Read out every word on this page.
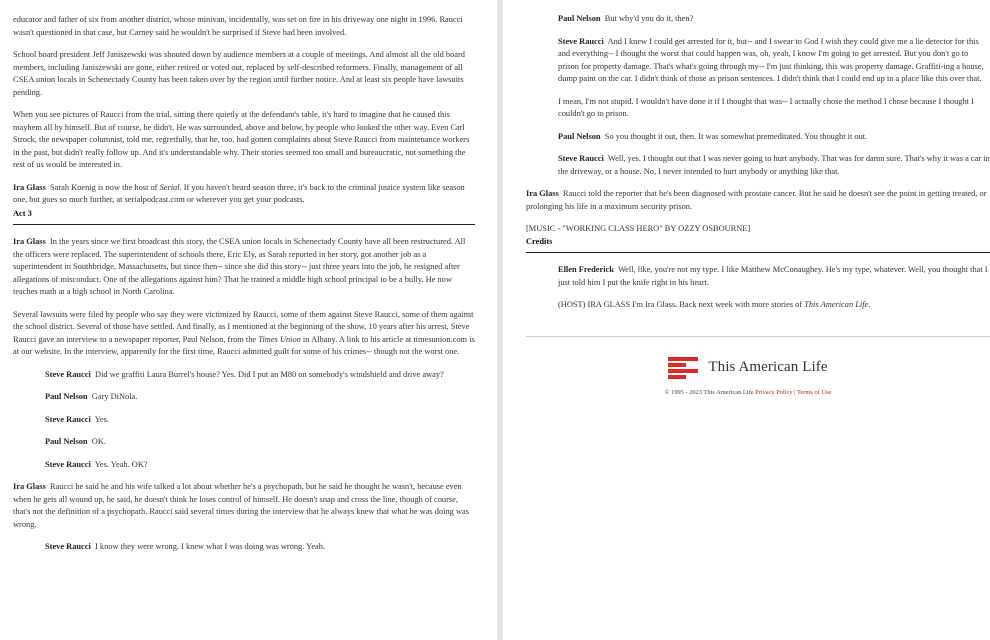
educator and father of six from another district, whose minivan, incidentally, was set on fire in his driveway one night in 1996. Raucci wasn't questioned in that case, but Carney said he wouldn't be surprised if Steve had been involved.

School board president Jeff Janiszewski was shouted down by audience members at a couple of meetings. And almost all the old board members, including Janiszewski are gone, either retired or voted out, replaced by self-described reformers. Finally, management of all CSEA union locals in Schenectady County has been taken over by the region until further notice. And at least six people have lawsuits pending.

When you see pictures of Raucci from the trial, sitting there quietly at the defendant's table, it's hard to imagine that he caused this mayhem all by himself. But of course, he didn't. He was surrounded, above and below, by people who looked the other way. Even Carl Strock, the newspaper columnist, told me, regretfully, that he, too, had gotten complaints about Steve Raucci from maintenance workers in the past, but didn't really follow up. And it's understandable why. Their stories seemed too small and bureaucratic, not something the rest of us would be interested in.

Ira Glass Sarah Koenig is now the host of Serial. If you haven't heard season three, it's back to the criminal justice system like season one, but goes so much further, at serialpodcast.com or wherever you get your podcasts.

Act 3

Ira Glass In the years since we first broadcast this story, the CSEA union locals in Schenectady County have all been restructured. All the officers were replaced. The superintendent of schools there, Eric Ely, as Sarah reported in her story, got another job as a superintendent in Southbridge, Massachusetts, but since then-- since she did this story-- just three years into the job, he resigned after allegations of misconduct. One of the allegations against him? That he trained a middle high school principal to be a bully. He now teaches math at a high school in North Carolina.

Several lawsuits were filed by people who say they were victimized by Raucci, some of them against Steve Raucci, some of them against the school district. Several of those have settled. And finally, as I mentioned at the beginning of the show, 10 years after his arrest, Steve Raucci gave an interview to a newspaper reporter, Paul Nelson, from the Times Union in Albany. A link to his article at timesunion.com is at our website. In the interview, apparently for the first time, Raucci admitted guilt for some of his crimes-- though not the worst one.

Steve Raucci Did we graffiti Laura Burrel's house? Yes. Did I put an M80 on somebody's windshield and drive away?

Paul Nelson Gary DiNola.

Steve Raucci Yes.

Paul Nelson OK.

Steve Raucci Yes. Yeah. OK?

Ira Glass Raucci he said he and his wife talked a lot about whether he's a psychopath, but he said he thought he wasn't, because even when he gets all wound up, he said, he doesn't think he loses control of himself. He doesn't snap and cross the line, though of course, that's not the definition of a psychopath. Raucci said several times during the interview that he always knew that what he was doing was wrong.

Steve Raucci I know they were wrong. I knew what I was doing was wrong. Yeah.

Paul Nelson But why'd you do it, then?

Steve Raucci And I knew I could get arrested for it, but-- and I swear to God I wish they could give me a lie detector for this and everything-- I thought the worst that could happen was, oh, yeah, I know I'm going to get arrested. But you don't go to prison for property damage. That's what's going through my-- I'm just thinking, this was property damage. Graffiti-ing a house, dump paint on the car. I didn't think of those as prison sentences. I didn't think that I could end up in a place like this over that.

I mean, I'm not stupid. I wouldn't have done it if I thought that was-- I actually chose the method I chose because I thought I couldn't go to prison.

Paul Nelson So you thought it out, then. It was somewhat premeditated. You thought it out.

Steve Raucci Well, yes. I thought out that I was never going to hurt anybody. That was for damn sure. That's why it was a car in the driveway, or a house. No, I never intended to hurt anybody or anything like that.

Ira Glass Raucci told the reporter that he's been diagnosed with prostate cancer. But he said he doesn't see the point in getting treated, or prolonging his life in a maximum security prison.

[MUSIC - "WORKING CLASS HERO" BY OZZY OSBOURNE]

Credits

Ellen Frederick Well, like, you're not my type. I like Matthew McConaughey. He's my type, whatever. Well, you thought that I just told him I put the knife right in his heart.

(HOST) IRA GLASS I'm Ira Glass. Back next week with more stories of This American Life.

This American Life
© 1995 - 2023 This American Life Privacy Policy | Terms of Use
